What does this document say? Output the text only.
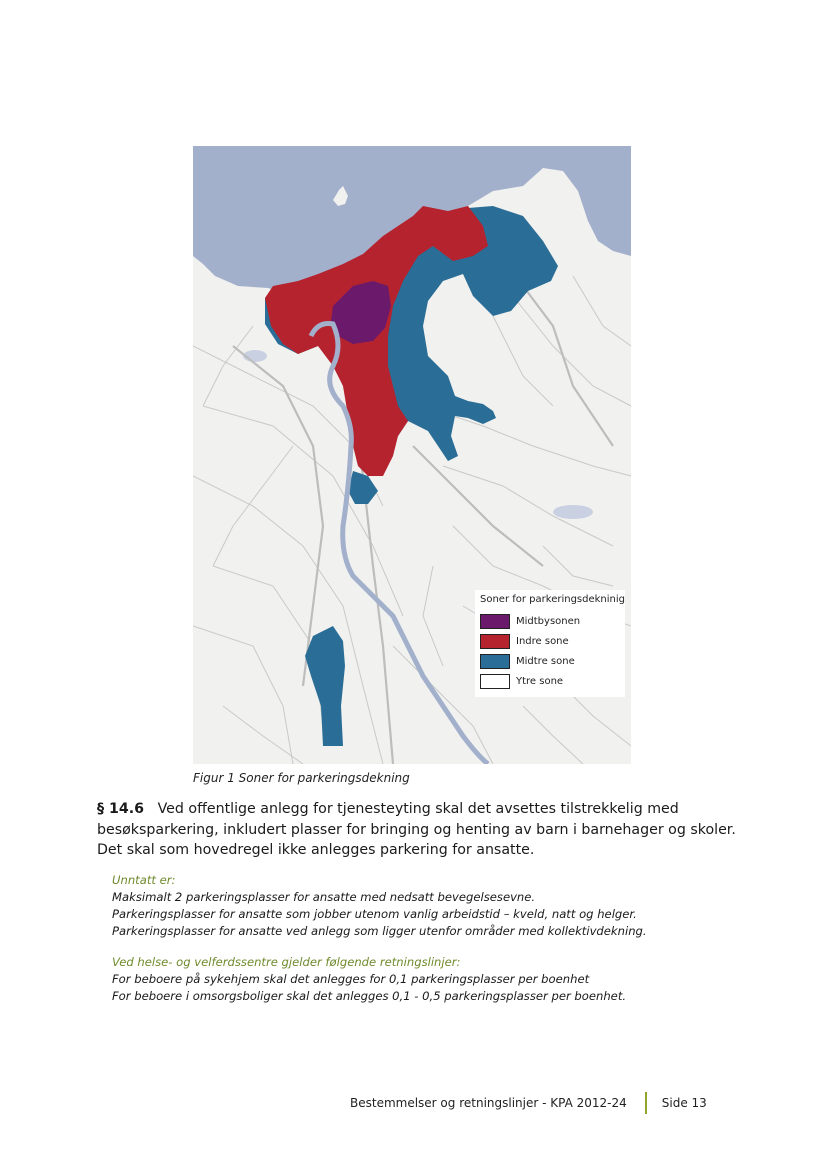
Soner for parkeringsdekninig
Midtbysonen
Indre sone
Midtre sone
Ytre sone
Figur 1 Soner for parkeringsdekning
§ 14.6 Ved offentlige anlegg for tjenesteyting skal det avsettes tilstrekkelig med besøksparkering, inkludert plasser for bringing og henting av barn i barnehager og skoler. Det skal som hovedregel ikke anlegges parkering for ansatte.
Unntatt er:
Maksimalt 2 parkeringsplasser for ansatte med nedsatt bevegelsesevne.
Parkeringsplasser for ansatte som jobber utenom vanlig arbeidstid – kveld, natt og helger.
Parkeringsplasser for ansatte ved anlegg som ligger utenfor områder med kollektivdekning.
Ved helse- og velferdssentre gjelder følgende retningslinjer:
For beboere på sykehjem skal det anlegges for 0,1 parkeringsplasser per boenhet
For beboere i omsorgsboliger skal det anlegges 0,1 - 0,5 parkeringsplasser per boenhet.
Bestemmelser og retningslinjer - KPA 2012-24	Side 13
